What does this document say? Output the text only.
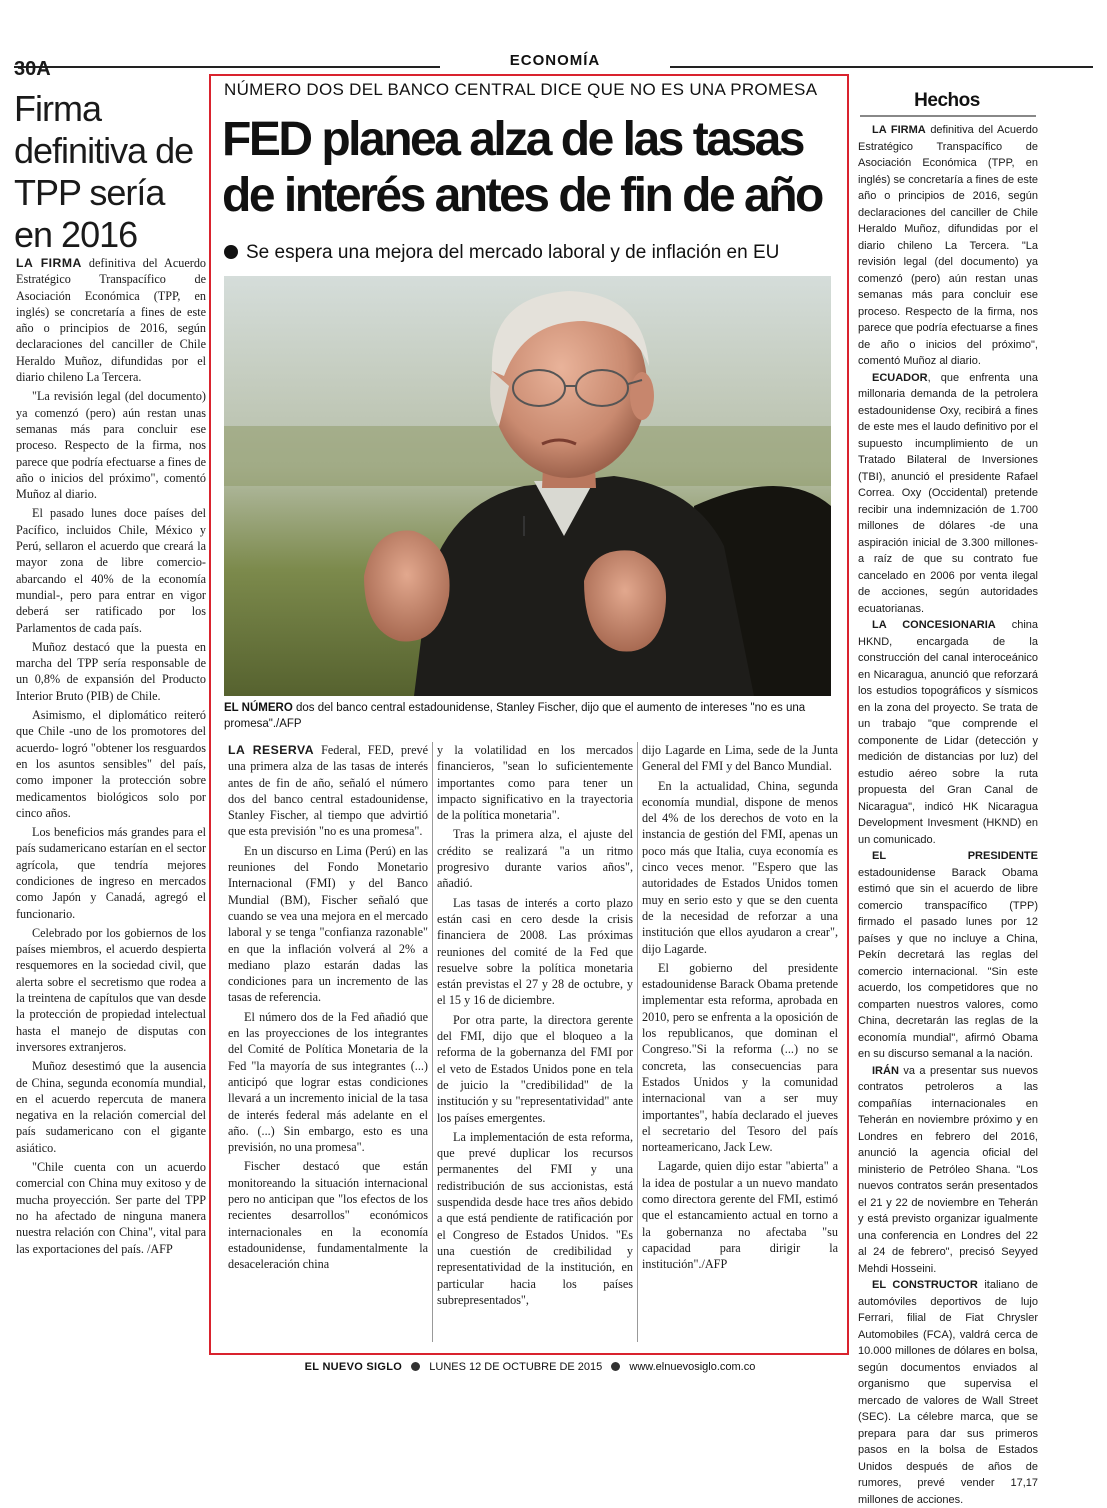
30A	ECONOMÍA
Firma definitiva de TPP sería en 2016

LA FIRMA definitiva del Acuerdo Estratégico Transpacífico de Asociación Económica (TPP, en inglés) se concretaría a fines de este año o principios de 2016, según declaraciones del canciller de Chile Heraldo Muñoz, difundidas por el diario chileno La Tercera.

"La revisión legal (del documento) ya comenzó (pero) aún restan unas semanas más para concluir ese proceso. Respecto de la firma, nos parece que podría efectuarse a fines de año o inicios del próximo", comentó Muñoz al diario.

El pasado lunes doce países del Pacífico, incluidos Chile, México y Perú, sellaron el acuerdo que creará la mayor zona de libre comercio- abarcando el 40% de la economía mundial-, pero para entrar en vigor deberá ser ratificado por los Parlamentos de cada país.

Muñoz destacó que la puesta en marcha del TPP sería responsable de un 0,8% de expansión del Producto Interior Bruto (PIB) de Chile.

Asimismo, el diplomático reiteró que Chile -uno de los promotores del acuerdo- logró "obtener los resguardos en los asuntos sensibles" del país, como imponer la protección sobre medicamentos biológicos solo por cinco años.

Los beneficios más grandes para el país sudamericano estarían en el sector agrícola, que tendría mejores condiciones de ingreso en mercados como Japón y Canadá, agregó el funcionario.

Celebrado por los gobiernos de los países miembros, el acuerdo despierta resquemores en la sociedad civil, que alerta sobre el secretismo que rodea a la treintena de capítulos que van desde la protección de propiedad intelectual hasta el manejo de disputas con inversores extranjeros.

Muñoz desestimó que la ausencia de China, segunda economía mundial, en el acuerdo repercuta de manera negativa en la relación comercial del país sudamericano con el gigante asiático.

"Chile cuenta con un acuerdo comercial con China muy exitoso y de mucha proyección. Ser parte del TPP no ha afectado de ninguna manera nuestra relación con China", vital para las exportaciones del país. /AFP

NÚMERO DOS DEL BANCO CENTRAL DICE QUE NO ES UNA PROMESA
FED planea alza de las tasas
de interés antes de fin de año
Se espera una mejora del mercado laboral y de inflación en EU
EL NÚMERO dos del banco central estadounidense, Stanley Fischer, dijo que el aumento de intereses "no es una promesa"./AFP

LA RESERVA Federal, FED, prevé una primera alza de las tasas de interés antes de fin de año, señaló el número dos del banco central estadounidense, Stanley Fischer, al tiempo que advirtió que esta previsión "no es una promesa".

En un discurso en Lima (Perú) en las reuniones del Fondo Monetario Internacional (FMI) y del Banco Mundial (BM), Fischer señaló que cuando se vea una mejora en el mercado laboral y se tenga "confianza razonable" en que la inflación volverá al 2% a mediano plazo estarán dadas las condiciones para un incremento de las tasas de referencia.

El número dos de la Fed añadió que en las proyecciones de los integrantes del Comité de Política Monetaria de la Fed "la mayoría de sus integrantes (...) anticipó que lograr estas condiciones llevará a un incremento inicial de la tasa de interés federal más adelante en el año. (...) Sin embargo, esto es una previsión, no una promesa".

Fischer destacó que están monitoreando la situación internacional pero no anticipan que "los efectos de los recientes desarrollos" económicos internacionales en la economía estadounidense, fundamentalmente la desaceleración china

y la volatilidad en los mercados financieros, "sean lo suficientemente importantes como para tener un impacto significativo en la trayectoria de la política monetaria".

Tras la primera alza, el ajuste del crédito se realizará "a un ritmo progresivo durante varios años", añadió.

Las tasas de interés a corto plazo están casi en cero desde la crisis financiera de 2008. Las próximas reuniones del comité de la Fed que resuelve sobre la política monetaria están previstas el 27 y 28 de octubre, y el 15 y 16 de diciembre.

Por otra parte, la directora gerente del FMI, dijo que el bloqueo a la reforma de la gobernanza del FMI por el veto de Estados Unidos pone en tela de juicio la "credibilidad" de la institución y su "representatividad" ante los países emergentes.

La implementación de esta reforma, que prevé duplicar los recursos permanentes del FMI y una redistribución de sus accionistas, está suspendida desde hace tres años debido a que está pendiente de ratificación por el Congreso de Estados Unidos. "Es una cuestión de credibilidad y representatividad de la institución, en particular hacia los países subrepresentados",

dijo Lagarde en Lima, sede de la Junta General del FMI y del Banco Mundial.

En la actualidad, China, segunda economía mundial, dispone de menos del 4% de los derechos de voto en la instancia de gestión del FMI, apenas un poco más que Italia, cuya economía es cinco veces menor. "Espero que las autoridades de Estados Unidos tomen muy en serio esto y que se den cuenta de la necesidad de reforzar a una institución que ellos ayudaron a crear", dijo Lagarde.

El gobierno del presidente estadounidense Barack Obama pretende implementar esta reforma, aprobada en 2010, pero se enfrenta a la oposición de los republicanos, que dominan el Congreso."Si la reforma (...) no se concreta, las consecuencias para Estados Unidos y la comunidad internacional van a ser muy importantes", había declarado el jueves el secretario del Tesoro del país norteamericano, Jack Lew.

Lagarde, quien dijo estar "abierta" a la idea de postular a un nuevo mandato como directora gerente del FMI, estimó que el estancamiento actual en torno a la gobernanza no afectaba "su capacidad para dirigir la institución"./AFP

Hechos

LA FIRMA definitiva del Acuerdo Estratégico Transpacífico de Asociación Económica (TPP, en inglés) se concretaría a fines de este año o principios de 2016, según declaraciones del canciller de Chile Heraldo Muñoz, difundidas por el diario chileno La Tercera. "La revisión legal (del documento) ya comenzó (pero) aún restan unas semanas más para concluir ese proceso. Respecto de la firma, nos parece que podría efectuarse a fines de año o inicios del próximo", comentó Muñoz al diario.

ECUADOR, que enfrenta una millonaria demanda de la petrolera estadounidense Oxy, recibirá a fines de este mes el laudo definitivo por el supuesto incumplimiento de un Tratado Bilateral de Inversiones (TBI), anunció el presidente Rafael Correa. Oxy (Occidental) pretende recibir una indemnización de 1.700 millones de dólares -de una aspiración inicial de 3.300 millones- a raíz de que su contrato fue cancelado en 2006 por venta ilegal de acciones, según autoridades ecuatorianas.

LA CONCESIONARIA china HKND, encargada de la construcción del canal interoceánico en Nicaragua, anunció que reforzará los estudios topográficos y sísmicos en la zona del proyecto. Se trata de un trabajo "que comprende el componente de Lidar (detección y medición de distancias por luz) del estudio aéreo sobre la ruta propuesta del Gran Canal de Nicaragua", indicó HK Nicaragua Development Invesment (HKND) en un comunicado.

EL PRESIDENTE estadounidense Barack Obama estimó que sin el acuerdo de libre comercio transpacífico (TPP) firmado el pasado lunes por 12 países y que no incluye a China, Pekín decretará las reglas del comercio internacional. "Sin este acuerdo, los competidores que no comparten nuestros valores, como China, decretarán las reglas de la economía mundial", afirmó Obama en su discurso semanal a la nación.

IRÁN va a presentar sus nuevos contratos petroleros a las compañías internacionales en Teherán en noviembre próximo y en Londres en febrero del 2016, anunció la agencia oficial del ministerio de Petróleo Shana. "Los nuevos contratos serán presentados el 21 y 22 de noviembre en Teherán y está previsto organizar igualmente una conferencia en Londres del 22 al 24 de febrero", precisó Seyyed Mehdi Hosseini.

EL CONSTRUCTOR italiano de automóviles deportivos de lujo Ferrari, filial de Fiat Chrysler Automobiles (FCA), valdrá cerca de 10.000 millones de dólares en bolsa, según documentos enviados al organismo que supervisa el mercado de valores de Wall Street (SEC). La célebre marca, que se prepara para dar sus primeros pasos en la bolsa de Estados Unidos después de años de rumores, prevé vender 17,17 millones de acciones.

EL NUEVO SIGLO LUNES 12 DE OCTUBRE DE 2015 www.elnuevosiglo.com.co
